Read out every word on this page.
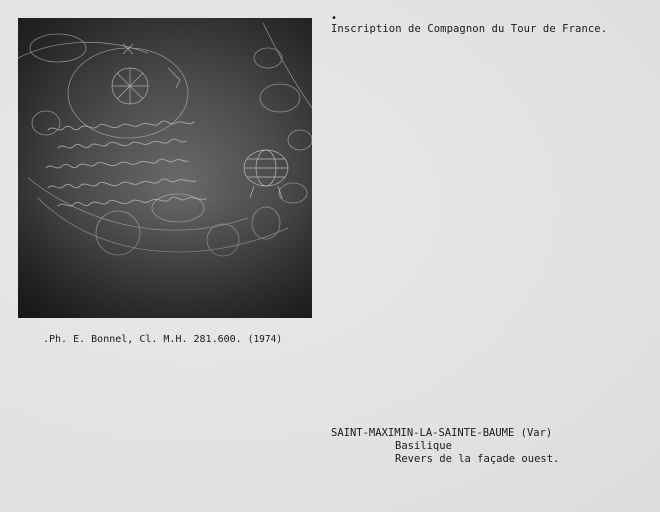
•
Inscription de Compagnon du Tour de France.
.Ph. E. Bonnel, Cl. M.H. 281.600. (1974)
SAINT-MAXIMIN-LA-SAINTE-BAUME (Var)
Basilique
Revers de la façade ouest.
